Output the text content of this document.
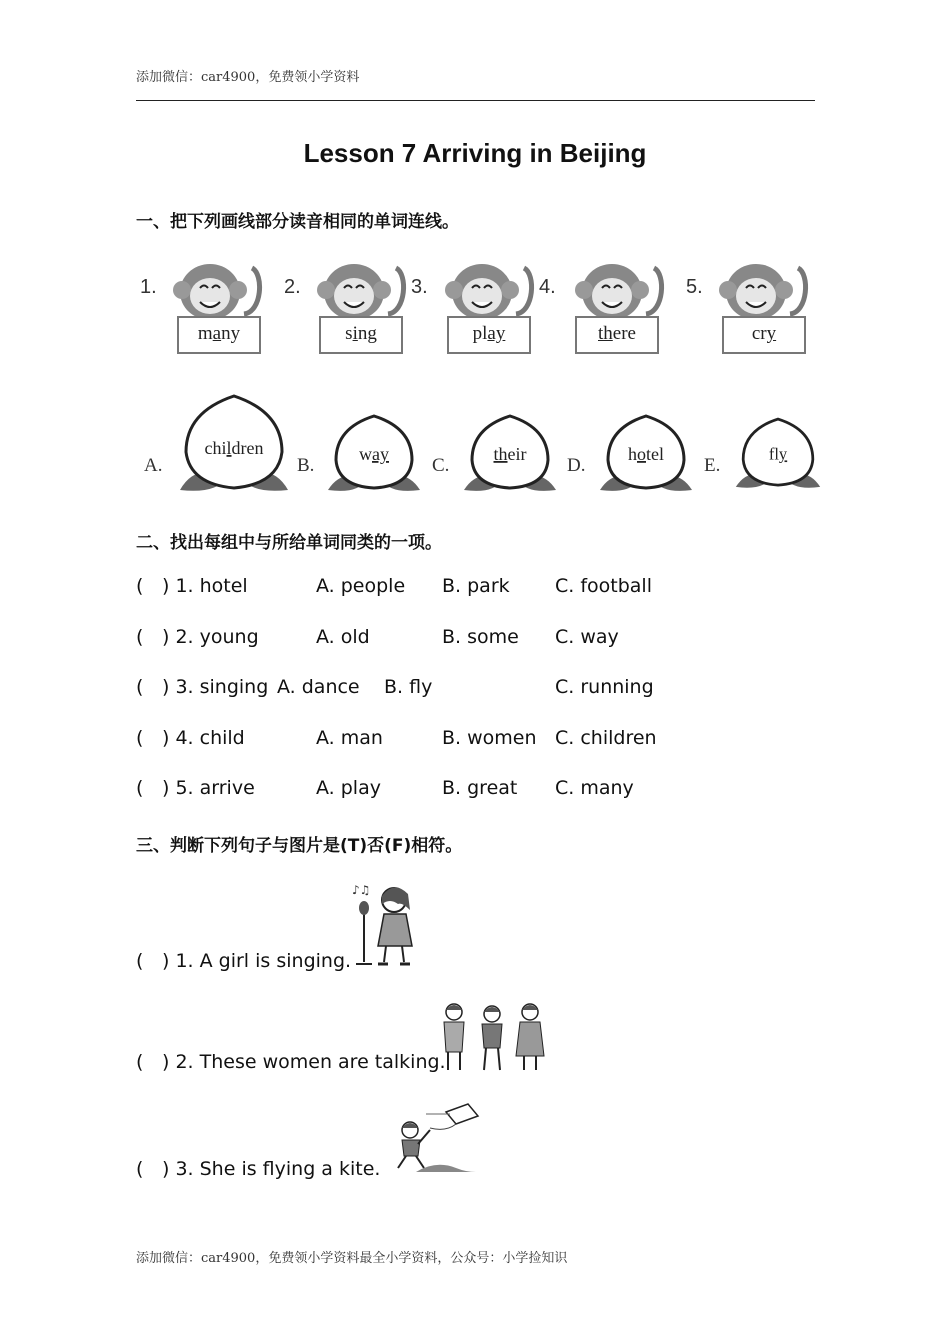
添加微信：car4900，免费领小学资料
Lesson 7 Arriving in Beijing
一、把下列画线部分读音相同的单词连线。
1.	2.	3.	4.	5.
many	sing	play	there	cry
A.	B.	C.	D.	E.
children	way	their	hotel	fly
二、找出每组中与所给单词同类的一项。
( ) 1. hotel	A. people B. park C. football
( ) 2. young	A. old	B. some C. way
( ) 3. singing A. dance B. fly	C. running
( ) 4. child	A. man	B. women C. children
( ) 5. arrive	A. play	B. great C. many
三、判断下列句子与图片是(T)否(F)相符。
( ) 1. A girl is singing.
♪♫
( ) 2. These women are talking.
( ) 3. She is flying a kite.
添加微信：car4900，免费领小学资料最全小学资料，公众号：小学捡知识
